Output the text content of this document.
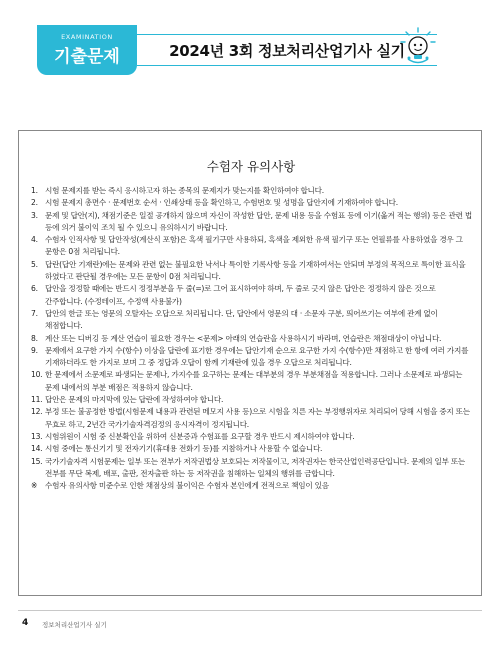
EXAMINATION
기출문제	2024년 3회 정보처리산업기사 실기
수험자 유의사항
1. 시험 문제지를 받는 즉시 응시하고자 하는 종목의 문제지가 맞는지를 확인하여야 합니다.
2. 시험 문제지 총면수 · 문제번호 순서 · 인쇄상태 등을 확인하고, 수험번호 및 성명을 답안지에 기재하여야 합니다.
3. 문제 및 답안(지), 채점기준은 일절 공개하지 않으며 자신이 작성한 답안, 문제 내용 등을 수험표 등에 이기(옮겨 적는 행위) 등은 관련 법 등에 의거 불이익 조치 될 수 있으니 유의하시기 바랍니다.
4. 수험자 인적사항 및 답안작성(계산식 포함)은 흑색 필기구만 사용하되, 흑색을 제외한 유색 필기구 또는 연필류를 사용하였을 경우 그 문항은 0점 처리됩니다.
5. 답란(답안 기재란)에는 문제와 관련 없는 불필요한 낙서나 특이한 기록사항 등을 기재하여서는 안되며 부정의 목적으로 특이한 표식을 하였다고 판단될 경우에는 모든 문항이 0점 처리됩니다.
6. 답안을 정정할 때에는 반드시 정정부분을 두 줄(=)로 그어 표시하여야 하며, 두 줄로 긋지 않은 답안은 정정하지 않은 것으로 간주합니다. (수정테이프, 수정액 사용불가)
7. 답안의 한글 또는 영문의 오탈자는 오답으로 처리됩니다. 단, 답안에서 영문의 대 · 소문자 구분, 띄어쓰기는 여부에 관계 없이 채점합니다.
8. 계산 또는 디버깅 등 계산 연습이 필요한 경우는 <문제> 아래의 연습란을 사용하시기 바라며, 연습란은 채점대상이 아닙니다.
9. 문제에서 요구한 가지 수(항수) 이상을 답란에 표기한 경우에는 답안기재 순으로 요구한 가지 수(항수)만 채점하고 한 항에 여러 가지를 기재하더라도 한 가지로 보며 그 중 정답과 오답이 함께 기재란에 있을 경우 오답으로 처리됩니다.
10. 한 문제에서 소문제로 파생되는 문제나, 가지수를 요구하는 문제는 대부분의 경우 부분채점을 적용합니다. 그러나 소문제로 파생되는 문제 내에서의 부분 배점은 적용하지 않습니다.
11. 답안은 문제의 마지막에 있는 답란에 작성하여야 합니다.
12. 부정 또는 불공정한 방법(시험문제 내용과 관련된 메모지 사용 등)으로 시험을 치른 자는 부정행위자로 처리되어 당해 시험을 중지 또는 무효로 하고, 2년간 국가기술자격검정의 응시자격이 정지됩니다.
13. 시험위원이 시험 중 신분확인을 위하여 신분증과 수험표를 요구할 경우 반드시 제시하여야 합니다.
14. 시험 중에는 통신기기 및 전자기기(휴대용 전화기 등)를 지참하거나 사용할 수 없습니다.
15. 국가기술자격 시험문제는 일부 또는 전부가 저작권법상 보호되는 저작물이고, 저작권자는 한국산업인력공단입니다. 문제의 일부 또는 전부를 무단 복제, 배포, 출판, 전자출판 하는 등 저작권을 침해하는 일체의 행위를 금합니다.
※	수험자 유의사항 미준수로 인한 채점상의 불이익은 수험자 본인에게 전적으로 책임이 있음
4 정보처리산업기사 실기
